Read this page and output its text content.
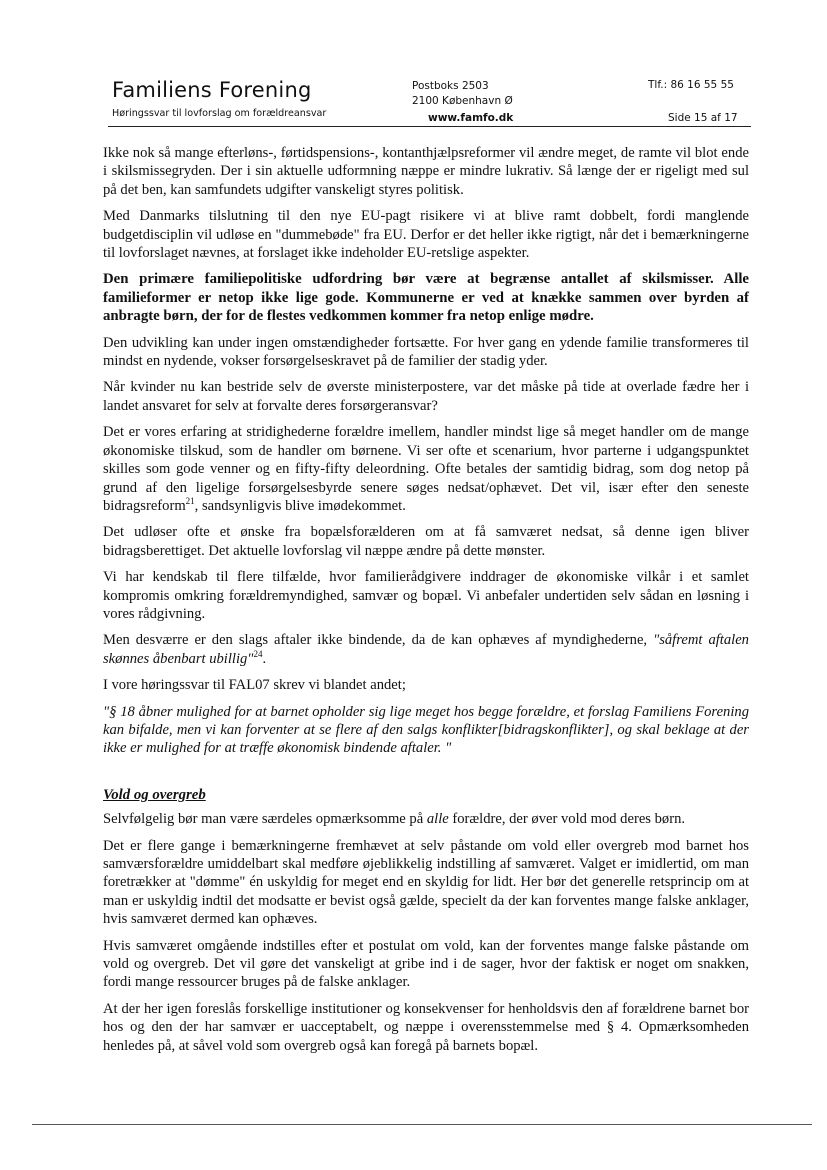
Familiens Forening
Høringssvar til lovforslag om forældreansvar
Postboks 2503
2100 København Ø
www.famfo.dk
Tlf.: 86 16 55 55
Side 15 af 17

Ikke nok så mange efterløns-, førtidspensions-, kontanthjælpsreformer vil ændre meget, de ramte vil blot ende i skilsmissegryden. Der i sin aktuelle udformning næppe er mindre lukrativ. Så længe der er rigeligt med sul på det ben, kan samfundets udgifter vanskeligt styres politisk.

Med Danmarks tilslutning til den nye EU-pagt risikere vi at blive ramt dobbelt, fordi manglende budgetdisciplin vil udløse en "dummebøde" fra EU. Derfor er det heller ikke rigtigt, når det i bemærkningerne til lovforslaget nævnes, at forslaget ikke indeholder EU-retslige aspekter.

Den primære familiepolitiske udfordring bør være at begrænse antallet af skilsmisser. Alle familieformer er netop ikke lige gode. Kommunerne er ved at knække sammen over byrden af anbragte børn, der for de flestes vedkommen kommer fra netop enlige mødre.

Den udvikling kan under ingen omstændigheder fortsætte. For hver gang en ydende familie transformeres til mindst en nydende, vokser forsørgelseskravet på de familier der stadig yder.

Når kvinder nu kan bestride selv de øverste ministerpostere, var det måske på tide at overlade fædre her i landet ansvaret for selv at forvalte deres forsørgeransvar?

Det er vores erfaring at stridighederne forældre imellem, handler mindst lige så meget handler om de mange økonomiske tilskud, som de handler om børnene. Vi ser ofte et scenarium, hvor parterne i udgangspunktet skilles som gode venner og en fifty-fifty deleordning. Ofte betales der samtidig bidrag, som dog netop på grund af den ligelige forsørgelsesbyrde senere søges nedsat/ophævet. Det vil, især efter den seneste bidragsreform$^{21}$, sandsynligvis blive imødekommet.

Det udløser ofte et ønske fra bopælsforælderen om at få samværet nedsat, så denne igen bliver bidragsberettiget. Det aktuelle lovforslag vil næppe ændre på dette mønster.

Vi har kendskab til flere tilfælde, hvor familierådgivere inddrager de økonomiske vilkår i et samlet kompromis omkring forældremyndighed, samvær og bopæl. Vi anbefaler undertiden selv sådan en løsning i vores rådgivning.

Men desværre er den slags aftaler ikke bindende, da de kan ophæves af myndighederne, "såfremt aftalen skønnes åbenbart ubillig"$^{24}$.

I vore høringssvar til FAL07 skrev vi blandet andet;

"§ 18 åbner mulighed for at barnet opholder sig lige meget hos begge forældre, et forslag Familiens Forening kan bifalde, men vi kan forventer at se flere af den salgs konflikter[bidragskonflikter], og skal beklage at der ikke er mulighed for at træffe økonomisk bindende aftaler. "

Vold og overgreb

Selvfølgelig bør man være særdeles opmærksomme på alle forældre, der øver vold mod deres børn.

Det er flere gange i bemærkningerne fremhævet at selv påstande om vold eller overgreb mod barnet hos samværsforældre umiddelbart skal medføre øjeblikkelig indstilling af samværet. Valget er imidlertid, om man foretrækker at "dømme" én uskyldig for meget end en skyldig for lidt. Her bør det generelle retsprincip om at man er uskyldig indtil det modsatte er bevist også gælde, specielt da der kan forventes mange falske anklager, hvis samværet dermed kan ophæves.

Hvis samværet omgående indstilles efter et postulat om vold, kan der forventes mange falske påstande om vold og overgreb. Det vil gøre det vanskeligt at gribe ind i de sager, hvor der faktisk er noget om snakken, fordi mange ressourcer bruges på de falske anklager.

At der her igen foreslås forskellige institutioner og konsekvenser for henholdsvis den af forældrene barnet bor hos og den der har samvær er uacceptabelt, og næppe i overensstemmelse med § 4. Opmærksomheden henledes på, at såvel vold som overgreb også kan foregå på barnets bopæl.
